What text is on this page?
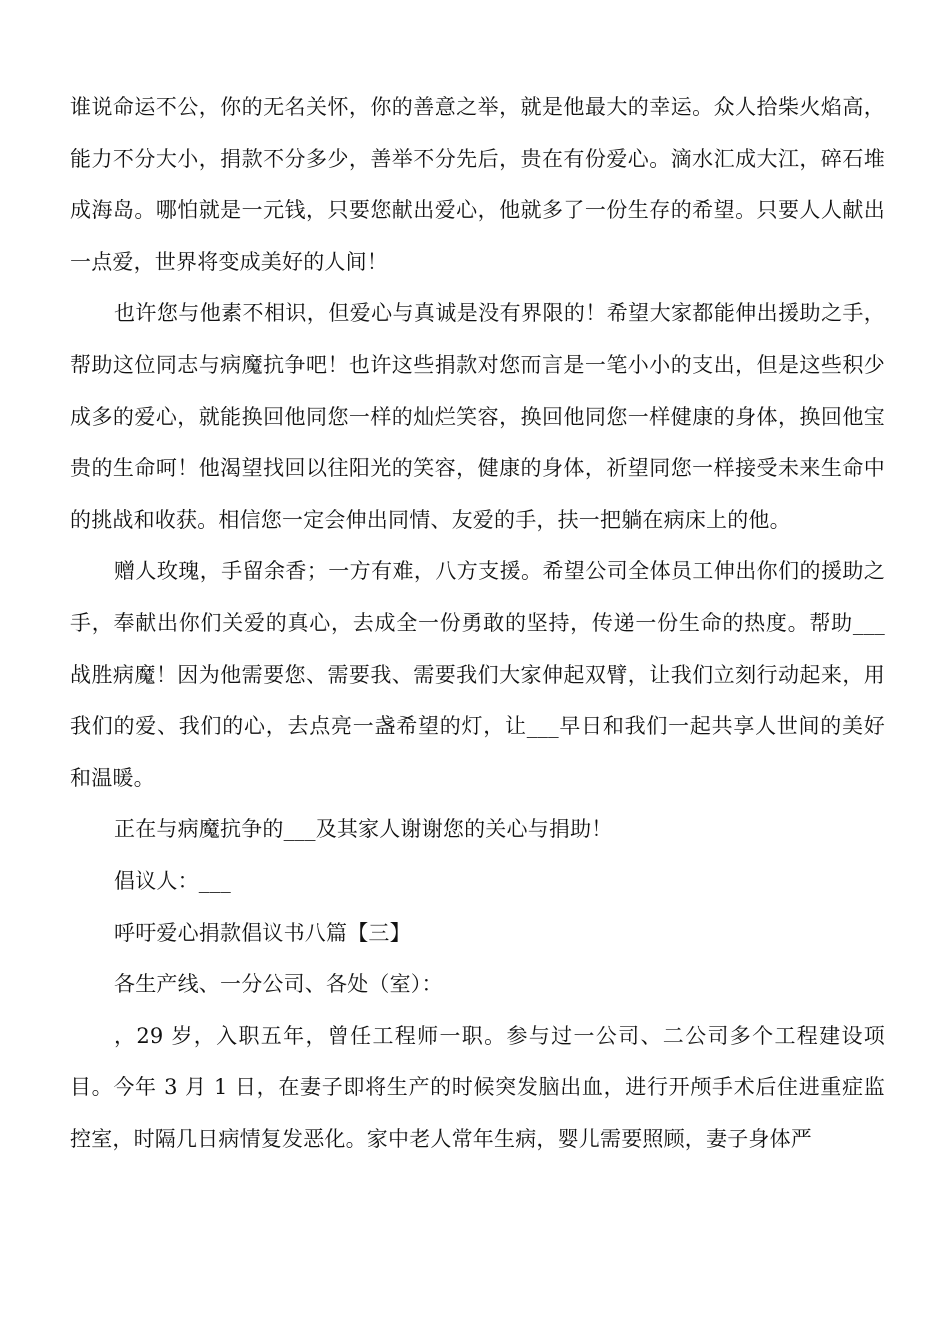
谁说命运不公，你的无名关怀，你的善意之举，就是他最大的幸运。众人拾柴火焰高，能力不分大小，捐款不分多少，善举不分先后，贵在有份爱心。滴水汇成大江，碎石堆成海岛。哪怕就是一元钱，只要您献出爱心，他就多了一份生存的希望。只要人人献出一点爱，世界将变成美好的人间！

也许您与他素不相识，但爱心与真诚是没有界限的！希望大家都能伸出援助之手，帮助这位同志与病魔抗争吧！也许这些捐款对您而言是一笔小小的支出，但是这些积少成多的爱心，就能换回他同您一样的灿烂笑容，换回他同您一样健康的身体，换回他宝贵的生命呵！他渴望找回以往阳光的笑容，健康的身体，祈望同您一样接受未来生命中的挑战和收获。相信您一定会伸出同情、友爱的手，扶一把躺在病床上的他。

赠人玫瑰，手留余香；一方有难，八方支援。希望公司全体员工伸出你们的援助之手，奉献出你们关爱的真心，去成全一份勇敢的坚持，传递一份生命的热度。帮助___战胜病魔！因为他需要您、需要我、需要我们大家伸起双臂，让我们立刻行动起来，用我们的爱、我们的心，去点亮一盏希望的灯，让___早日和我们一起共享人世间的美好和温暖。

正在与病魔抗争的___及其家人谢谢您的关心与捐助！

倡议人：___

呼吁爱心捐款倡议书八篇【三】

各生产线、一分公司、各处（室）：

，29 岁，入职五年，曾任工程师一职。参与过一公司、二公司多个工程建设项目。今年 3 月 1 日，在妻子即将生产的时候突发脑出血，进行开颅手术后住进重症监控室，时隔几日病情复发恶化。家中老人常年生病，婴儿需要照顾，妻子身体严
